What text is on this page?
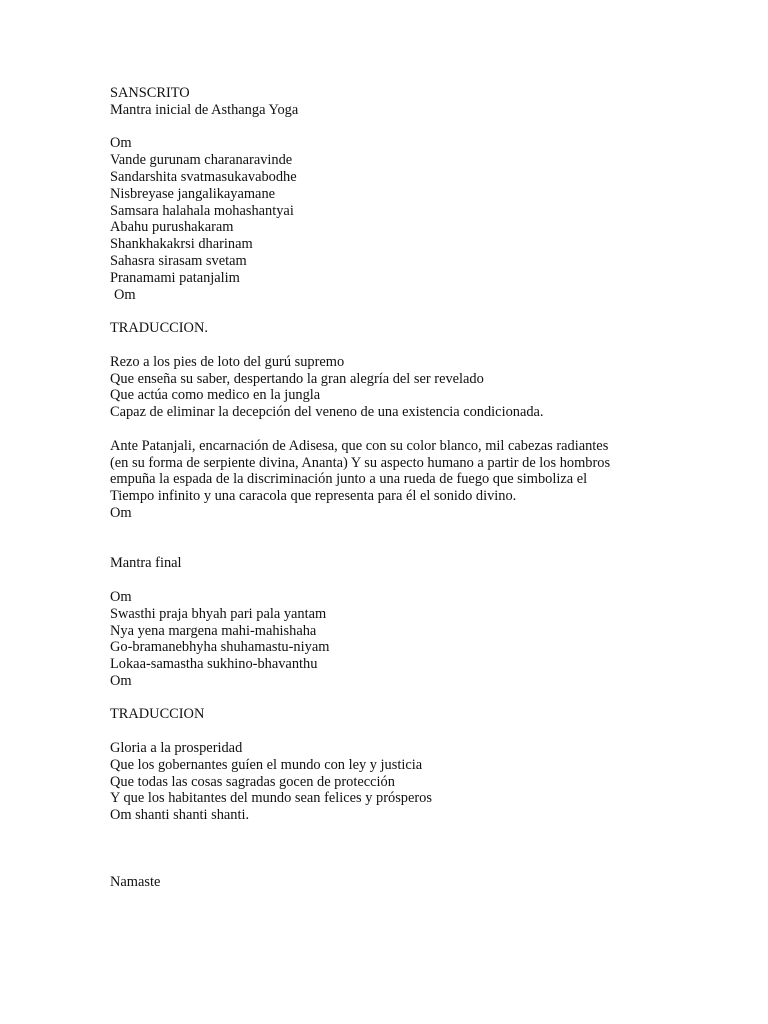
SANSCRITO
Mantra inicial de Asthanga Yoga
Om
Vande gurunam charanaravinde
Sandarshita svatmasukavabodhe
Nisbreyase jangalikayamane
Samsara halahala mohashantyai
Abahu purushakaram
Shankhakakrsi dharinam
Sahasra sirasam svetam
Pranamami patanjalim
Om
TRADUCCION.
Rezo a los pies de loto del gurú supremo
Que enseña su saber, despertando la gran alegría del ser revelado
Que actúa como medico en la jungla
Capaz de eliminar la decepción del veneno de una existencia condicionada.
Ante Patanjali, encarnación de Adisesa, que con su color blanco, mil cabezas radiantes
(en su forma de serpiente divina, Ananta) Y su aspecto humano a partir de los hombros
empuña la espada de la discriminación junto a una rueda de fuego que simboliza el
Tiempo infinito y una caracola que representa para él el sonido divino.
Om
Mantra final
Om
Swasthi praja bhyah pari pala yantam
Nya yena margena mahi-mahishaha
Go-bramanebhyha shuhamastu-niyam
Lokaa-samastha sukhino-bhavanthu
Om
TRADUCCION
Gloria a la prosperidad
Que los gobernantes guíen el mundo con ley y justicia
Que todas las cosas sagradas gocen de protección
Y que los habitantes del mundo sean felices y prósperos
Om shanti shanti shanti.
Namaste
